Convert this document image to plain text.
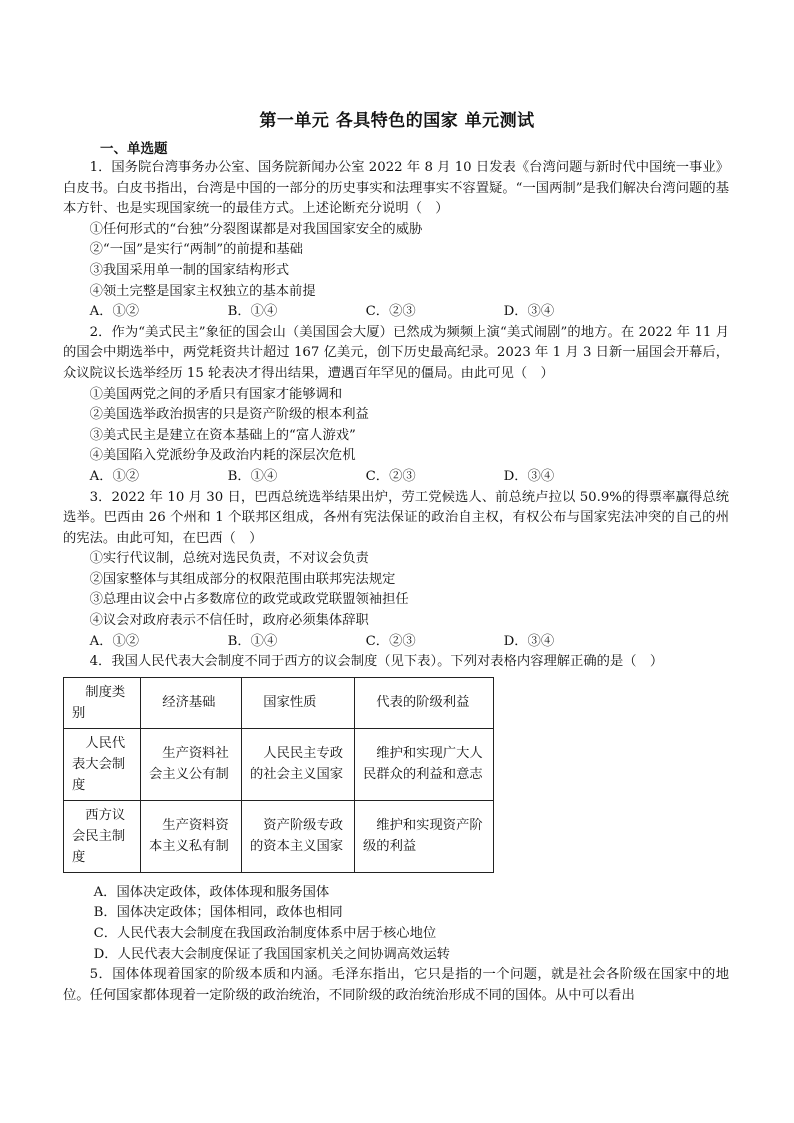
第一单元 各具特色的国家 单元测试
一、单选题

1．国务院台湾事务办公室、国务院新闻办公室 2022 年 8 月 10 日发表《台湾问题与新时代中国统一事业》白皮书。白皮书指出，台湾是中国的一部分的历史事实和法理事实不容置疑。“一国两制”是我们解决台湾问题的基本方针、也是实现国家统一的最佳方式。上述论断充分说明（　）

①任何形式的“台独”分裂图谋都是对我国国家安全的威胁

②“一国”是实行“两制”的前提和基础

③我国采用单一制的国家结构形式

④领土完整是国家主权独立的基本前提

A．①②	B．①④	C．②③	D．③④

2．作为“美式民主”象征的国会山（美国国会大厦）已然成为频频上演“美式闹剧”的地方。在 2022 年 11 月的国会中期选举中，两党耗资共计超过 167 亿美元，创下历史最高纪录。2023 年 1 月 3 日新一届国会开幕后，众议院议长选举经历 15 轮表决才得出结果，遭遇百年罕见的僵局。由此可见（　）

①美国两党之间的矛盾只有国家才能够调和

②美国选举政治损害的只是资产阶级的根本利益

③美式民主是建立在资本基础上的“富人游戏”

④美国陷入党派纷争及政治内耗的深层次危机

A．①②	B．①④	C．②③	D．③④

3．2022 年 10 月 30 日，巴西总统选举结果出炉，劳工党候选人、前总统卢拉以 50.9%的得票率赢得总统选举。巴西由 26 个州和 1 个联邦区组成，各州有宪法保证的政治自主权，有权公布与国家宪法冲突的自己的州的宪法。由此可知，在巴西（　）

①实行代议制，总统对选民负责，不对议会负责

②国家整体与其组成部分的权限范围由联邦宪法规定

③总理由议会中占多数席位的政党或政党联盟领袖担任

④议会对政府表示不信任时，政府必须集体辞职

A．①②	B．①④	C．②③	D．③④

4．我国人民代表大会制度不同于西方的议会制度（见下表）。下列对表格内容理解正确的是（　）

制度类别	经济基础	国家性质	代表的阶级利益
人民代表大会制度	生产资料社会主义公有制	人民民主专政的社会主义国家	维护和实现广大人民群众的利益和意志
西方议会民主制度	生产资料资本主义私有制	资产阶级专政的资本主义国家	维护和实现资产阶级的利益

A．国体决定政体，政体体现和服务国体

B．国体决定政体；国体相同，政体也相同

C．人民代表大会制度在我国政治制度体系中居于核心地位

D．人民代表大会制度保证了我国国家机关之间协调高效运转

5．国体体现着国家的阶级本质和内涵。毛泽东指出，它只是指的一个问题，就是社会各阶级在国家中的地位。任何国家都体现着一定阶级的政治统治，不同阶级的政治统治形成不同的国体。从中可以看出
